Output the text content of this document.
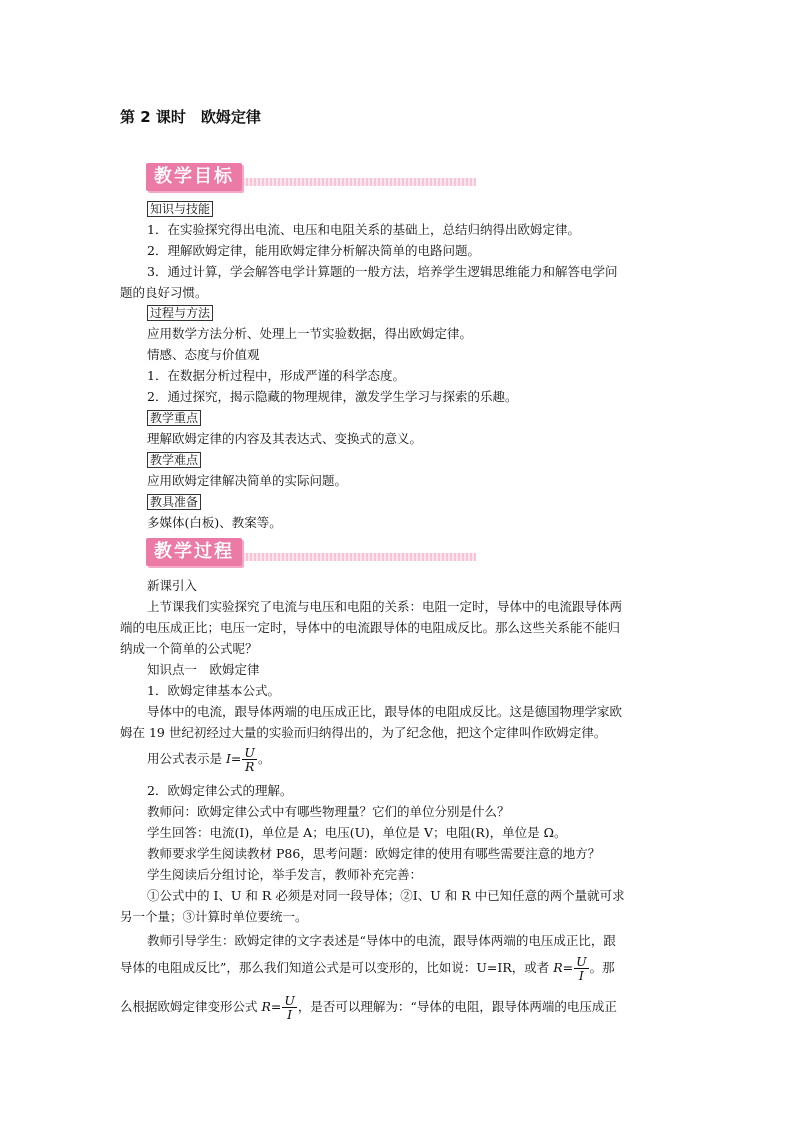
第 2 课时　欧姆定律
教学目标
知识与技能
1．在实验探究得出电流、电压和电阻关系的基础上，总结归纳得出欧姆定律。
2．理解欧姆定律，能用欧姆定律分析解决简单的电路问题。
3．通过计算，学会解答电学计算题的一般方法，培养学生逻辑思维能力和解答电学问
题的良好习惯。
过程与方法
应用数学方法分析、处理上一节实验数据，得出欧姆定律。
情感、态度与价值观
1．在数据分析过程中，形成严谨的科学态度。
2．通过探究，揭示隐藏的物理规律，激发学生学习与探索的乐趣。
教学重点
理解欧姆定律的内容及其表达式、变换式的意义。
教学难点
应用欧姆定律解决简单的实际问题。
教具准备
多媒体(白板)、教案等。
教学过程
新课引入
上节课我们实验探究了电流与电压和电阻的关系：电阻一定时，导体中的电流跟导体两
端的电压成正比；电压一定时，导体中的电流跟导体的电阻成反比。那么这些关系能不能归
纳成一个简单的公式呢？
知识点一　欧姆定律
1．欧姆定律基本公式。
导体中的电流，跟导体两端的电压成正比，跟导体的电阻成反比。这是德国物理学家欧
姆在 19 世纪初经过大量的实验而归纳得出的，为了纪念他，把这个定律叫作欧姆定律。
用公式表示是 $I= \frac{U}{R}$ 。
2．欧姆定律公式的理解。
教师问：欧姆定律公式中有哪些物理量？它们的单位分别是什么？
学生回答：电流(I)，单位是 A；电压(U)，单位是 V；电阻(R)，单位是 Ω。
教师要求学生阅读教材 P86，思考问题：欧姆定律的使用有哪些需要注意的地方？
学生阅读后分组讨论，举手发言，教师补充完善：
①公式中的 I、U 和 R 必须是对同一段导体；②I、U 和 R 中已知任意的两个量就可求
另一个量；③计算时单位要统一。
教师引导学生：欧姆定律的文字表述是“导体中的电流，跟导体两端的电压成正比，跟
导体的电阻成反比”，那么我们知道公式是可以变形的，比如说：U=IR，或者 $R= \frac{U}{I}$ 。那
么根据欧姆定律变形公式 $R= \frac{U}{I}$ ，是否可以理解为：“导体的电阻，跟导体两端的电压成正
